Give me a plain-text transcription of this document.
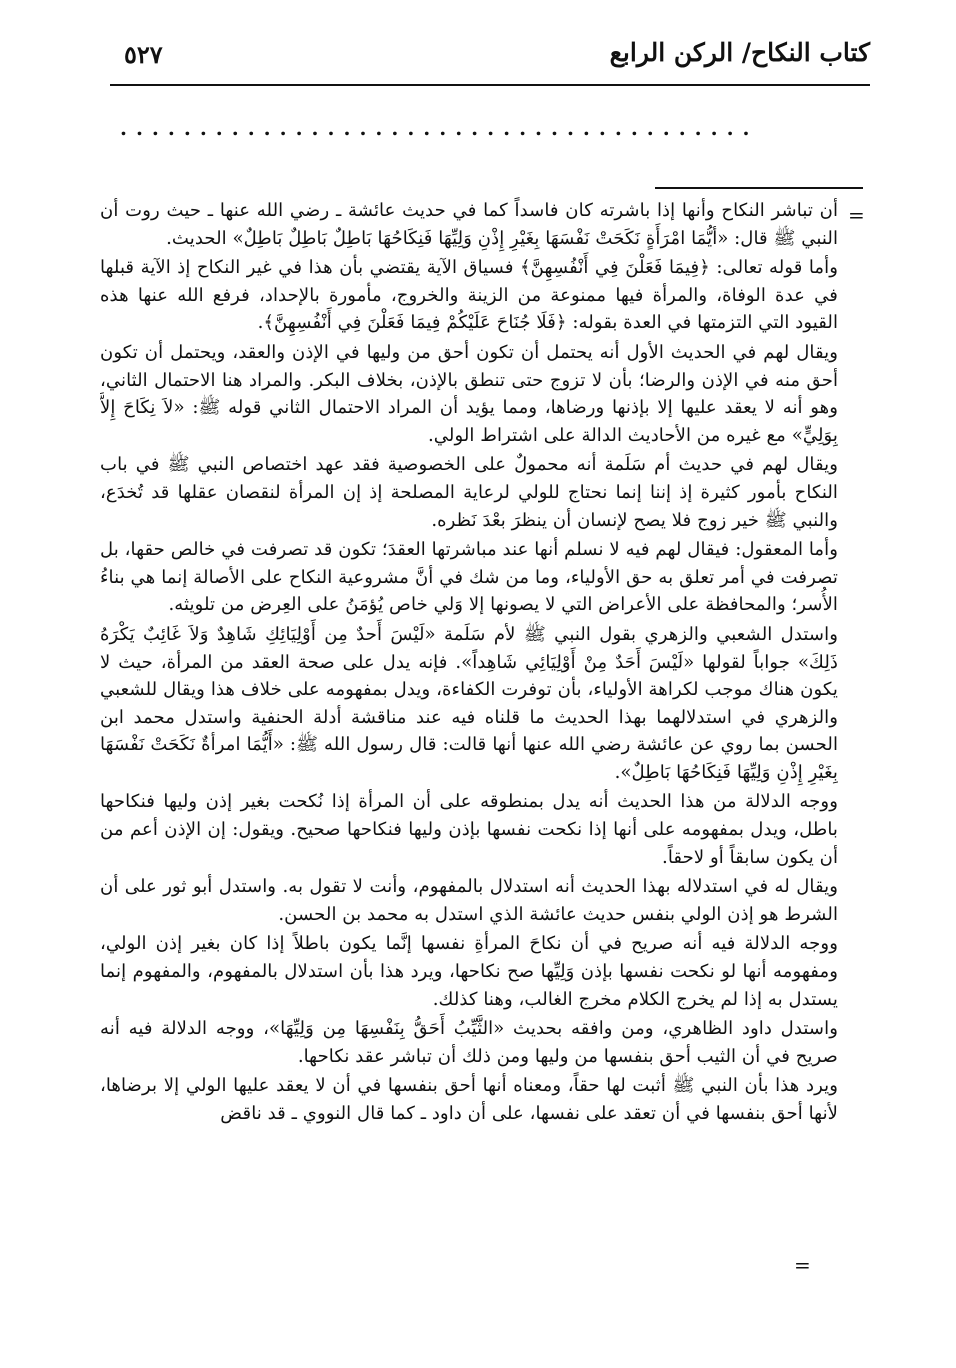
كتاب النكاح/ الركن الرابع
٥٢٧
........................................
=

أن تباشر النكاح وأنها إذا باشرته كان فاسداً كما في حديث عائشة ـ رضي الله عنها ـ حيث روت أن النبي ﷺ قال: «أيُّمَا امْرَأَةٍ نَكَحَتْ نَفْسَهَا بِغَيْرِ إِذْنِ وَلِيِّهَا فَنِكَاحُهَا بَاطِلٌ بَاطِلٌ بَاطِلٌ» الحديث.

وأما قوله تعالى: ﴿فِيمَا فَعَلْنَ فِي أَنْفُسِهِنَّ﴾ فسياق الآية يقتضي بأن هذا في غير النكاح إذ الآية قبلها في عدة الوفاة، والمرأة فيها ممنوعة من الزينة والخروج، مأمورة بالإحداد، فرفع الله عنها هذه القيود التي التزمتها في العدة بقوله: ﴿فَلَا جُنَاحَ عَلَيْكُمْ فِيمَا فَعَلْنَ فِي أَنْفُسِهِنَّ﴾.

ويقال لهم في الحديث الأول أنه يحتمل أن تكون أحق من وليها في الإذن والعقد، ويحتمل أن تكون أحق منه في الإذن والرضا؛ بأن لا تزوج حتى تنطق بالإذن، بخلاف البكر. والمراد هنا الاحتمال الثاني، وهو أنه لا يعقد عليها إلا بإذنها ورضاها، ومما يؤيد أن المراد الاحتمال الثاني قوله ﷺ: «لاَ نِكَاحَ إِلاَّ بِوَلِيٍّ» مع غيره من الأحاديث الدالة على اشتراط الولي.

ويقال لهم في حديث أم سَلَمة أنه محمولٌ على الخصوصية فقد عهد اختصاص النبي ﷺ في باب النكاح بأمور كثيرة إذ إننا إنما نحتاج للولي لرعاية المصلحة إذ إن المرأة لنقصان عقلها قد تُخدَع، والنبي ﷺ خير زوج فلا يصح لإنسان أن ينظرَ بعْدَ نَظره.

وأما المعقول: فيقال لهم فيه لا نسلم أنها عند مباشرتها العقدَ؛ تكون قد تصرفت في خالص حقها، بل تصرفت في أمر تعلق به حق الأولياء، وما من شك في أنَّ مشروعية النكاح على الأصالة إنما هي بناءُ الأُسر؛ والمحافظة على الأعراض التي لا يصونها إلا وَلي خاص يُؤمَنُ على العِرض من تلويثه.

واستدل الشعبي والزهري بقول النبي ﷺ لأم سَلَمة «لَيْسَ أَحدٌ مِن أَوْلِيَائِكِ شَاهِدٌ وَلاَ غَائِبٌ يَكْرَهُ ذَلِكَ» جواباً لقولها «لَيْسَ أَحَدٌ مِنْ أَوْلِيَائِي شَاهِداً». فإنه يدل على صحة العقد من المرأة، حيث لا يكون هناك موجب لكراهة الأولياء، بأن توفرت الكفاءة، ويدل بمفهومه على خلاف هذا ويقال للشعبي والزهري في استدلالهما بهذا الحديث ما قلناه فيه عند مناقشة أدلة الحنفية واستدل محمد ابن الحسن بما روي عن عائشة رضي الله عنها أنها قالت: قال رسول الله ﷺ: «أَيُّمَا امرأةٌ نَكَحَتْ نَفْسَهَا بِغَيْرِ إِذْنِ وَلِيِّهَا فَنِكَاحُهَا بَاطِلٌ».

ووجه الدلالة من هذا الحديث أنه يدل بمنطوقه على أن المرأة إذا نُكحت بغير إذن وليها فنكاحها باطل، ويدل بمفهومه على أنها إذا نكحت نفسها بإذن وليها فنكاحها صحيح. ويقول: إن الإذن أعم من أن يكون سابقاً أو لاحقاً.

ويقال له في استدلاله بهذا الحديث أنه استدلال بالمفهوم، وأنت لا تقول به. واستدل أبو ثور على أن الشرط هو إذن الولي بنفس حديث عائشة الذي استدل به محمد بن الحسن.

ووجه الدلالة فيه أنه صريح في أن نكاحَ المرأةِ نفسها إنَّما يكون باطلاً إذا كان بغير إذن الولي، ومفهومه أنها لو نكحت نفسها بإذن وَلِيِّها صح نكاحها، ويرد هذا بأن استدلال بالمفهوم، والمفهوم إنما يستدل به إذا لم يخرج الكلام مخرج الغالب، وهنا كذلك.

واستدل داود الظاهري، ومن وافقه بحديث «الثَّيِّبُ أَحَقُّ بِنَفْسِهَا مِن وَلِيِّهَا»، ووجه الدلالة فيه أنه صريح في أن الثيب أحق بنفسها من وليها ومن ذلك أن تباشر عقد نكاحها.

ويرد هذا بأن النبي ﷺ أثبت لها حقاً، ومعناه أنها أحق بنفسها في أن لا يعقد عليها الولي إلا برضاها، لأنها أحق بنفسها في أن تعقد على نفسها، على أن داود ـ كما قال النووي ـ قد ناقض

=
